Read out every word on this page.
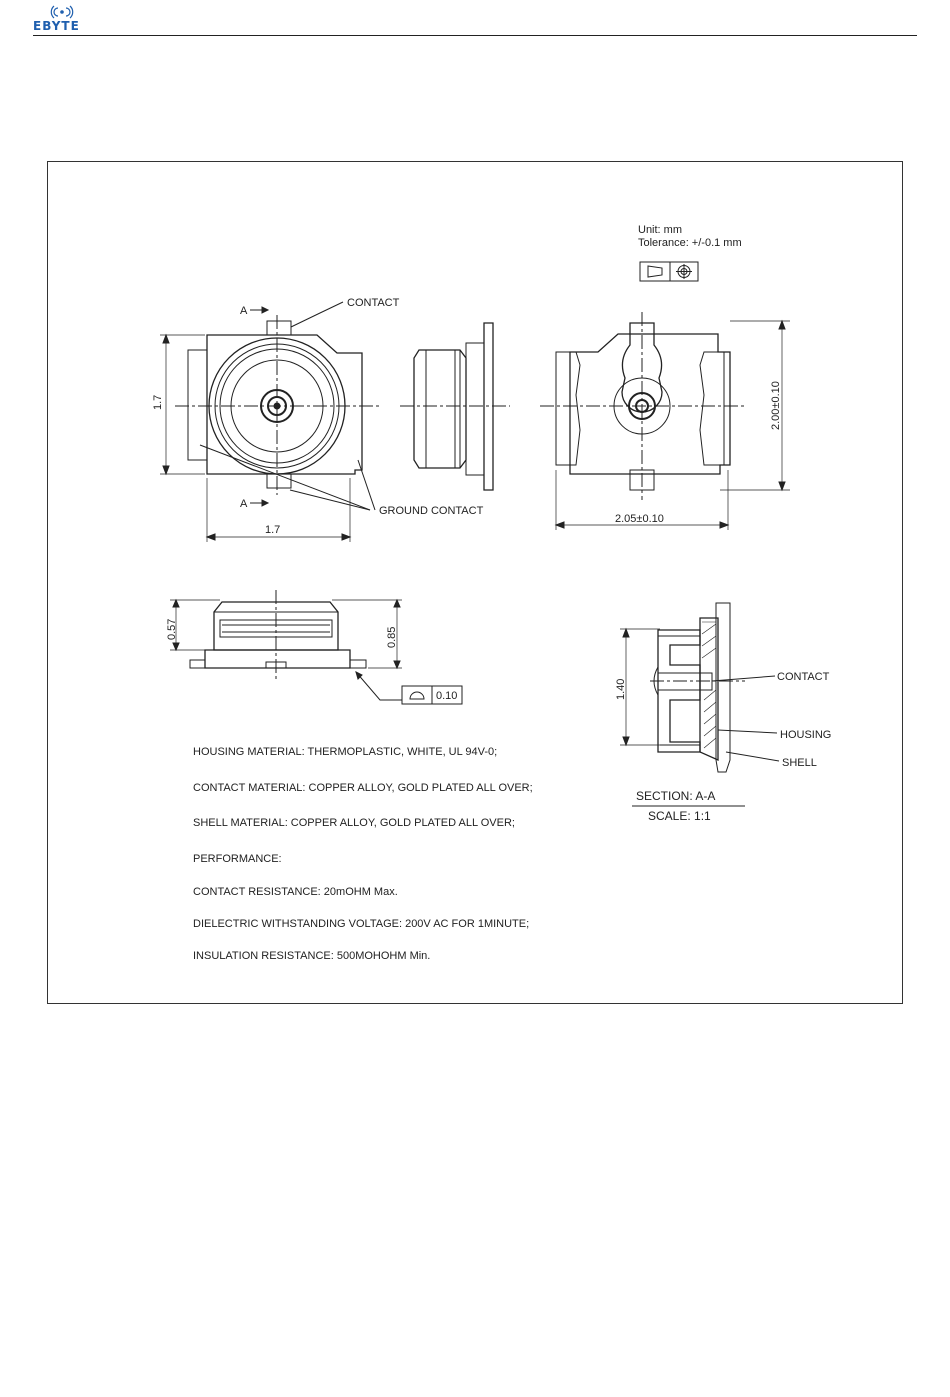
EBYTE
Unit: mm
Tolerance: +/-0.1 mm
1.7
1.7
A
A
CONTACT
GROUND CONTACT
2.00±0.10
2.05±0.10
0.57	0.85
0.10	1.40
CONTACT
HOUSING
SHELL
SECTION: A-A
SCALE: 1:1
HOUSING MATERIAL: THERMOPLASTIC, WHITE, UL 94V-0;
CONTACT MATERIAL: COPPER ALLOY, GOLD PLATED ALL OVER;
SHELL MATERIAL: COPPER ALLOY, GOLD PLATED ALL OVER;
PERFORMANCE:
CONTACT RESISTANCE: 20mOHM Max.
DIELECTRIC WITHSTANDING VOLTAGE: 200V AC FOR 1MINUTE;
INSULATION RESISTANCE: 500MOHOHM Min.
